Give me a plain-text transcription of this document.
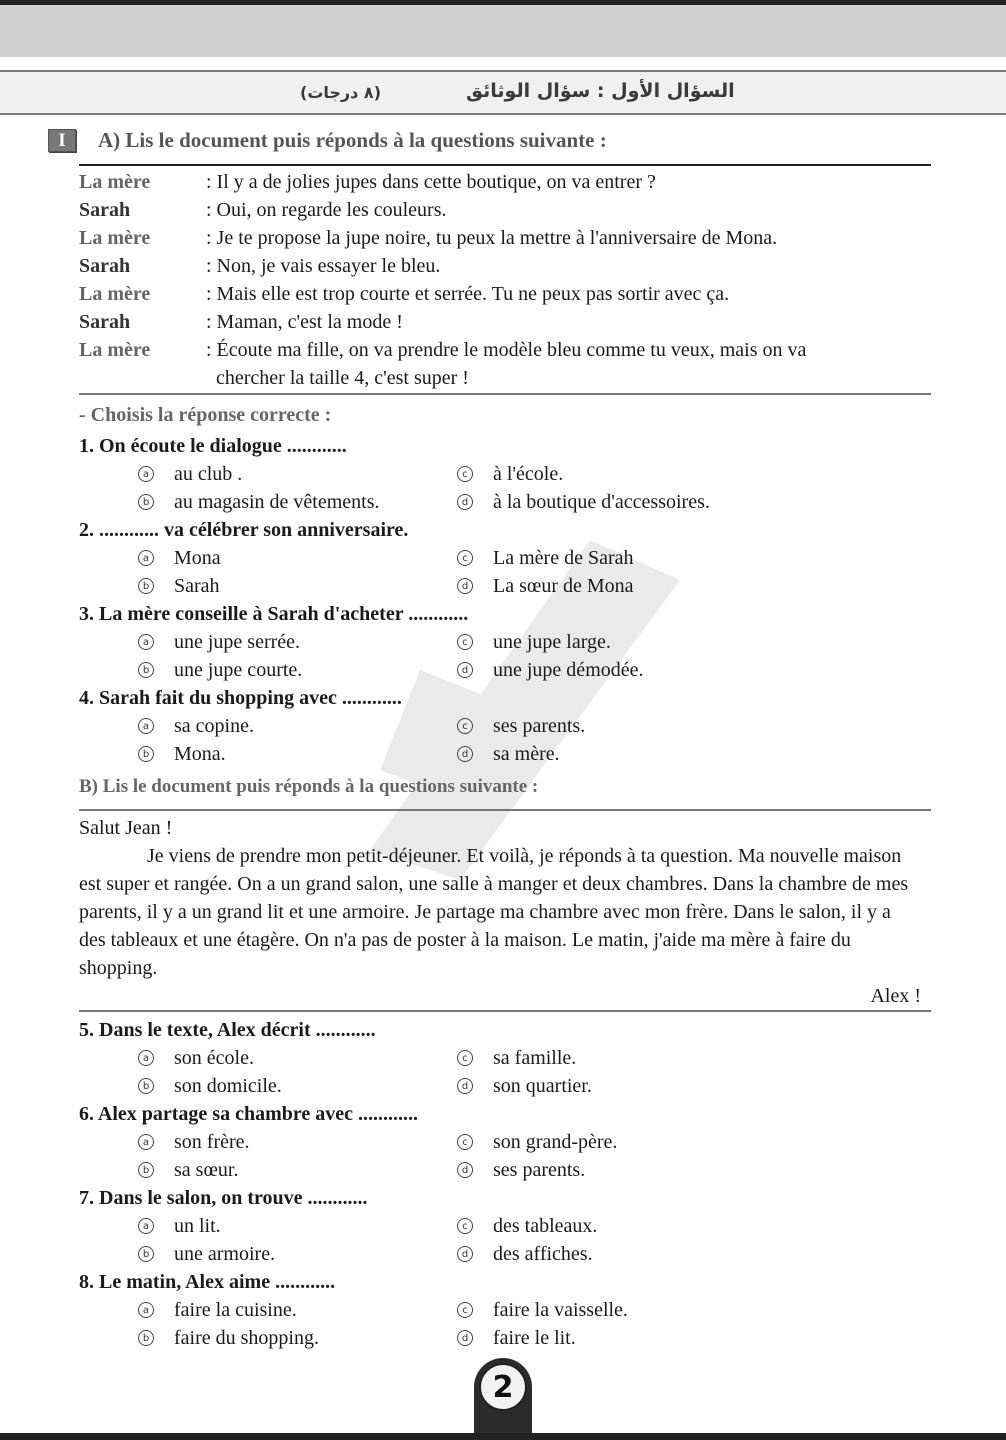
السؤال الأول : سؤال الوثائق
(٨ درجات)
I	A) Lis le document puis réponds à la questions suivante :
La mère	: Il y a de jolies jupes dans cette boutique, on va entrer ?
Sarah	: Oui, on regarde les couleurs.
La mère	: Je te propose la jupe noire, tu peux la mettre à l'anniversaire de Mona.
Sarah	: Non, je vais essayer le bleu.
La mère	: Mais elle est trop courte et serrée. Tu ne peux pas sortir avec ça.
Sarah	: Maman, c'est la mode !
La mère	: Écoute ma fille, on va prendre le modèle bleu comme tu veux, mais on va
chercher la taille 4, c'est super !
- Choisis la réponse correcte :
1. On écoute le dialogue ............
a au club .	c à l'école.
b au magasin de vêtements.	d à la boutique d'accessoires.
2. ............ va célébrer son anniversaire.
a Mona	c La mère de Sarah
b Sarah	d La sœur de Mona
3. La mère conseille à Sarah d'acheter ............
a une jupe serrée.	c une jupe large.
b une jupe courte.	d une jupe démodée.
4. Sarah fait du shopping avec ............
a sa copine.	c ses parents.
b Mona.	d sa mère.
B) Lis le document puis réponds à la questions suivante :
Salut Jean !
Je viens de prendre mon petit-déjeuner. Et voilà, je réponds à ta question. Ma nouvelle maison est super et rangée. On a un grand salon, une salle à manger et deux chambres. Dans la chambre de mes parents, il y a un grand lit et une armoire. Je partage ma chambre avec mon frère. Dans le salon, il y a des tableaux et une étagère. On n'a pas de poster à la maison. Le matin, j'aide ma mère à faire du shopping.
Alex !
5. Dans le texte, Alex décrit ............
a son école.	c sa famille.
b son domicile.	d son quartier.
6. Alex partage sa chambre avec ............
a son frère.	c son grand-père.
b sa sœur.	d ses parents.
7. Dans le salon, on trouve ............
a un lit.	c des tableaux.
b une armoire.	d des affiches.
8. Le matin, Alex aime ............
a faire la cuisine.	c faire la vaisselle.
b faire du shopping.	d faire le lit.
2
